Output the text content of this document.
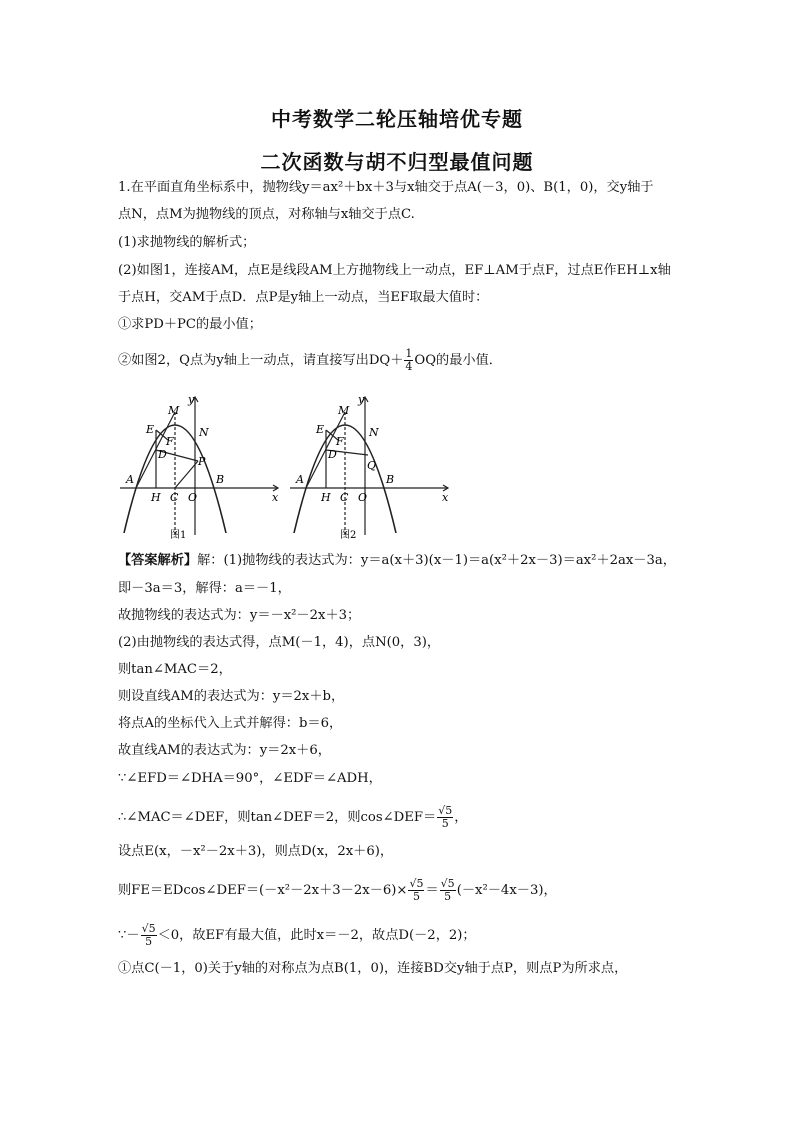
中考数学二轮压轴培优专题
二次函数与胡不归型最值问题
1.在平面直角坐标系中，抛物线y＝ax²＋bx＋3与x轴交于点A(－3，0)、B(1，0)，交y轴于
点N，点M为抛物线的顶点，对称轴与x轴交于点C.
(1)求抛物线的解析式；
(2)如图1，连接AM，点E是线段AM上方抛物线上一动点，EF⊥AM于点F，过点E作EH⊥x轴
于点H，交AM于点D．点P是y轴上一动点，当EF取最大值时：
①求PD＋PC的最小值；
②如图2，Q点为y轴上一动点，请直接写出$DQ+ \frac{1}{4}$ OQ的最小值．
M
E
F
D
N
P
A
H C O
B
x
y
图1
M
E
F
D
N
Q
A
H C O
B
x
y
图2
【答案解析】解：(1)抛物线的表达式为：y＝a(x＋3)(x－1)＝a(x²＋2x－3)＝ax²＋2ax－3a，
即－3a＝3，解得：a＝－1，
故抛物线的表达式为：y＝－x²－2x＋3；
(2)由抛物线的表达式得，点M(－1，4)，点N(0，3)，
则tan∠MAC＝2，
则设直线AM的表达式为：y＝2x＋b，
将点A的坐标代入上式并解得：b＝6，
故直线AM的表达式为：y＝2x＋6，
∵∠EFD＝∠DHA＝90°，∠EDF＝∠ADH，
∴∠MAC＝∠DEF，则tan∠DEF＝2，则cos∠DEF＝ $\frac{√5}{5}$ ，
设点E(x，－x²－2x＋3)，则点D(x，2x＋6)，
则FE＝EDcos∠DEF＝(－x²－2x＋3－2x－6)× $\frac{√5}{5} = \frac{√5}{5} (-x^2-4x-3)$，
∵－ $\frac{√5}{5} <0$，故EF有最大值，此时x＝－2，故点D(－2，2)；
①点C(－1，0)关于y轴的对称点为点B(1，0)，连接BD交y轴于点P，则点P为所求点，
